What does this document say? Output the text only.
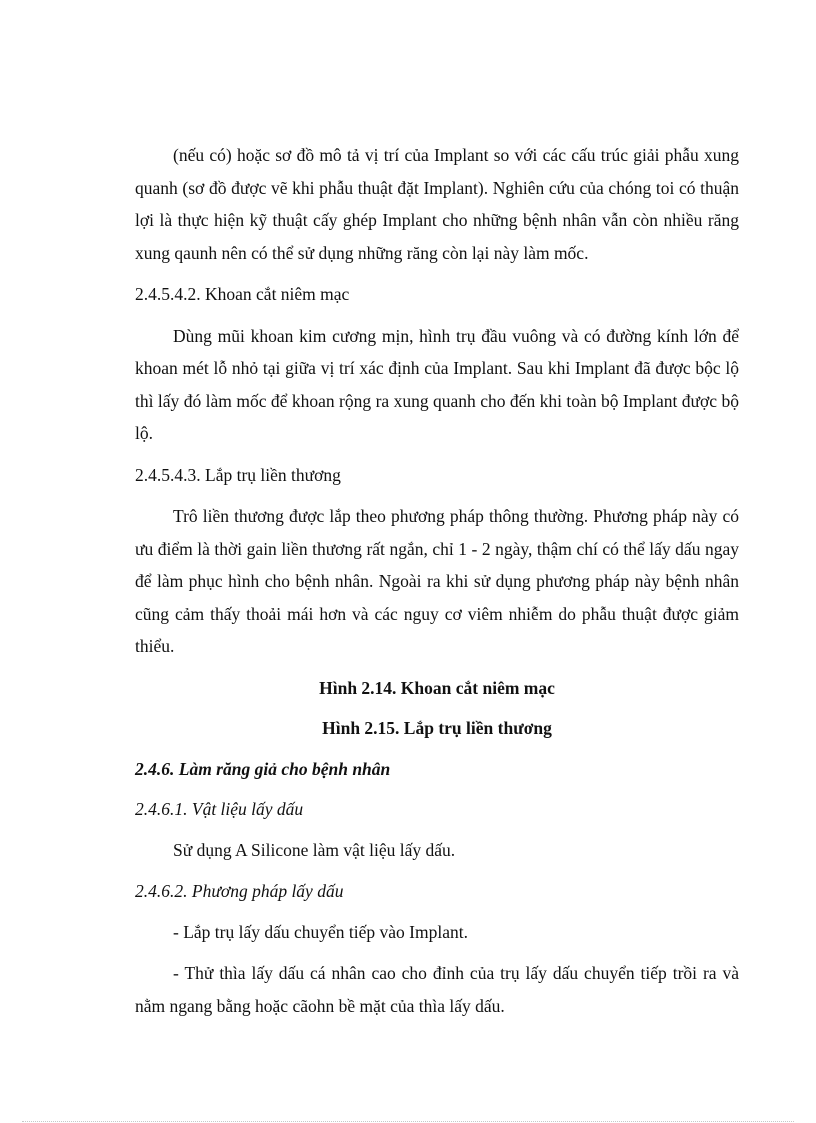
(nếu có) hoặc sơ đồ mô tả vị trí của Implant so với các cấu trúc giải phẫu xung quanh (sơ đồ được vẽ khi phẫu thuật đặt Implant). Nghiên cứu của chóng toi có thuận lợi là thực hiện kỹ thuật cấy ghép Implant cho những bệnh nhân vẫn còn nhiều răng xung qaunh nên có thể sử dụng những răng còn lại này làm mốc.

2.4.5.4.2. Khoan cắt niêm mạc

Dùng mũi khoan kim cương mịn, hình trụ đầu vuông và có đường kính lớn để khoan mét lỗ nhỏ tại giữa vị trí xác định của Implant. Sau khi Implant đã được bộc lộ thì lấy đó làm mốc để khoan rộng ra xung quanh cho đến khi toàn bộ Implant được bộ lộ.

2.4.5.4.3. Lắp trụ liền thương

Trô liền thương được lắp theo phương pháp thông thường. Phương pháp này có ưu điểm là thời gain liền thương rất ngắn, chỉ 1 - 2 ngày, thậm chí có thể lấy dấu ngay để làm phục hình cho bệnh nhân. Ngoài ra khi sử dụng phương pháp này bệnh nhân cũng cảm thấy thoải mái hơn và các nguy cơ viêm nhiễm do phẫu thuật được giảm thiểu.

Hình 2.14. Khoan cắt niêm mạc

Hình 2.15. Lắp trụ liền thương

2.4.6. Làm răng giả cho bệnh nhân

2.4.6.1. Vật liệu lấy dấu

Sử dụng A Silicone làm vật liệu lấy dấu.

2.4.6.2. Phương pháp lấy dấu

- Lắp trụ lấy dấu chuyển tiếp vào Implant.

- Thử thìa lấy dấu cá nhân cao cho đỉnh của trụ lấy dấu chuyển tiếp trồi ra và nằm ngang bằng hoặc cãohn bề mặt của thìa lấy dấu.
